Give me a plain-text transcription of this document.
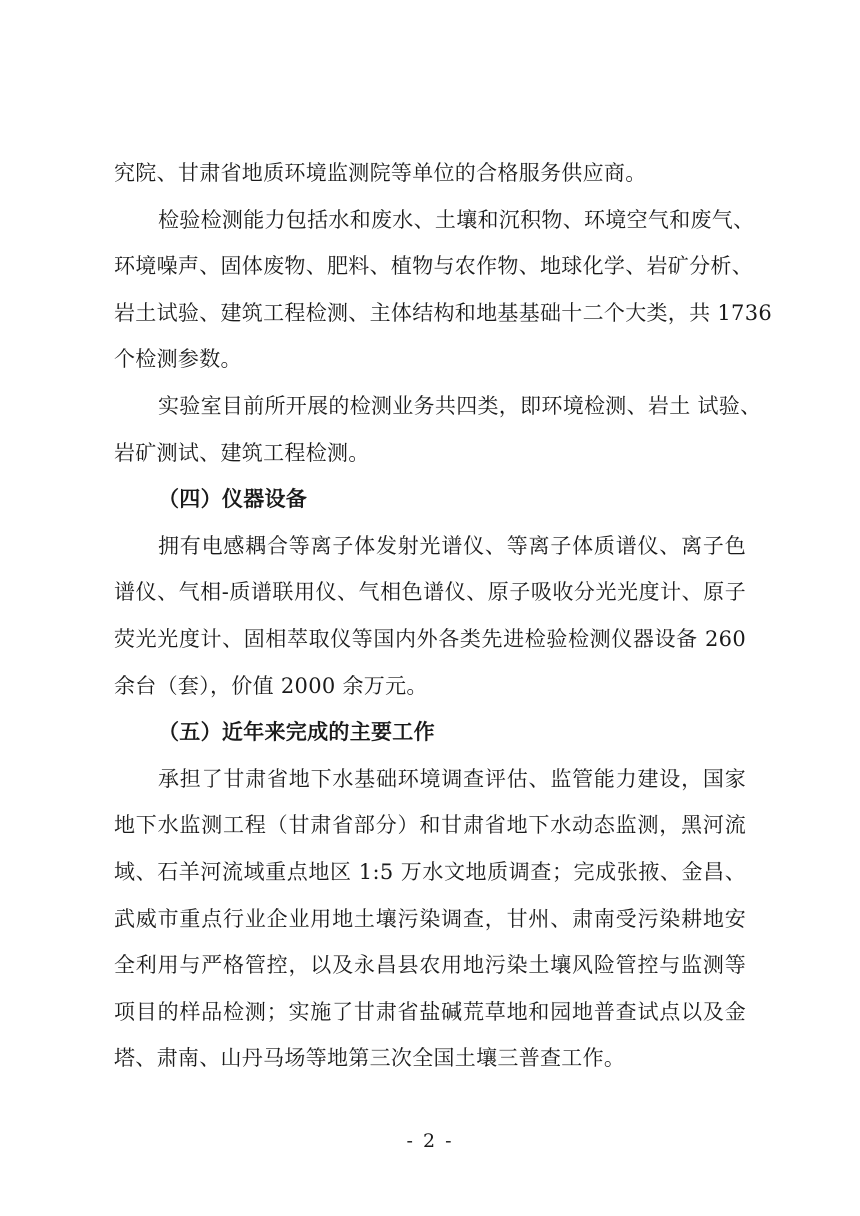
究院、甘肃省地质环境监测院等单位的合格服务供应商。
检验检测能力包括水和废水、土壤和沉积物、环境空气和废气、
环境噪声、固体废物、肥料、植物与农作物、地球化学、岩矿分析、
岩土试验、建筑工程检测、主体结构和地基基础十二个大类，共 1736
个检测参数。
实验室目前所开展的检测业务共四类，即环境检测、岩土 试验、
岩矿测试、建筑工程检测。
（四）仪器设备
拥有电感耦合等离子体发射光谱仪、等离子体质谱仪、离子色
谱仪、气相-质谱联用仪、气相色谱仪、原子吸收分光光度计、原子
荧光光度计、固相萃取仪等国内外各类先进检验检测仪器设备 260
余台（套），价值 2000 余万元。
（五）近年来完成的主要工作
承担了甘肃省地下水基础环境调查评估、监管能力建设，国家
地下水监测工程（甘肃省部分）和甘肃省地下水动态监测，黑河流
域、石羊河流域重点地区 1:5 万水文地质调查；完成张掖、金昌、
武威市重点行业企业用地土壤污染调查，甘州、肃南受污染耕地安
全利用与严格管控，以及永昌县农用地污染土壤风险管控与监测等
项目的样品检测；实施了甘肃省盐碱荒草地和园地普查试点以及金
塔、肃南、山丹马场等地第三次全国土壤三普查工作。
- 2 -
